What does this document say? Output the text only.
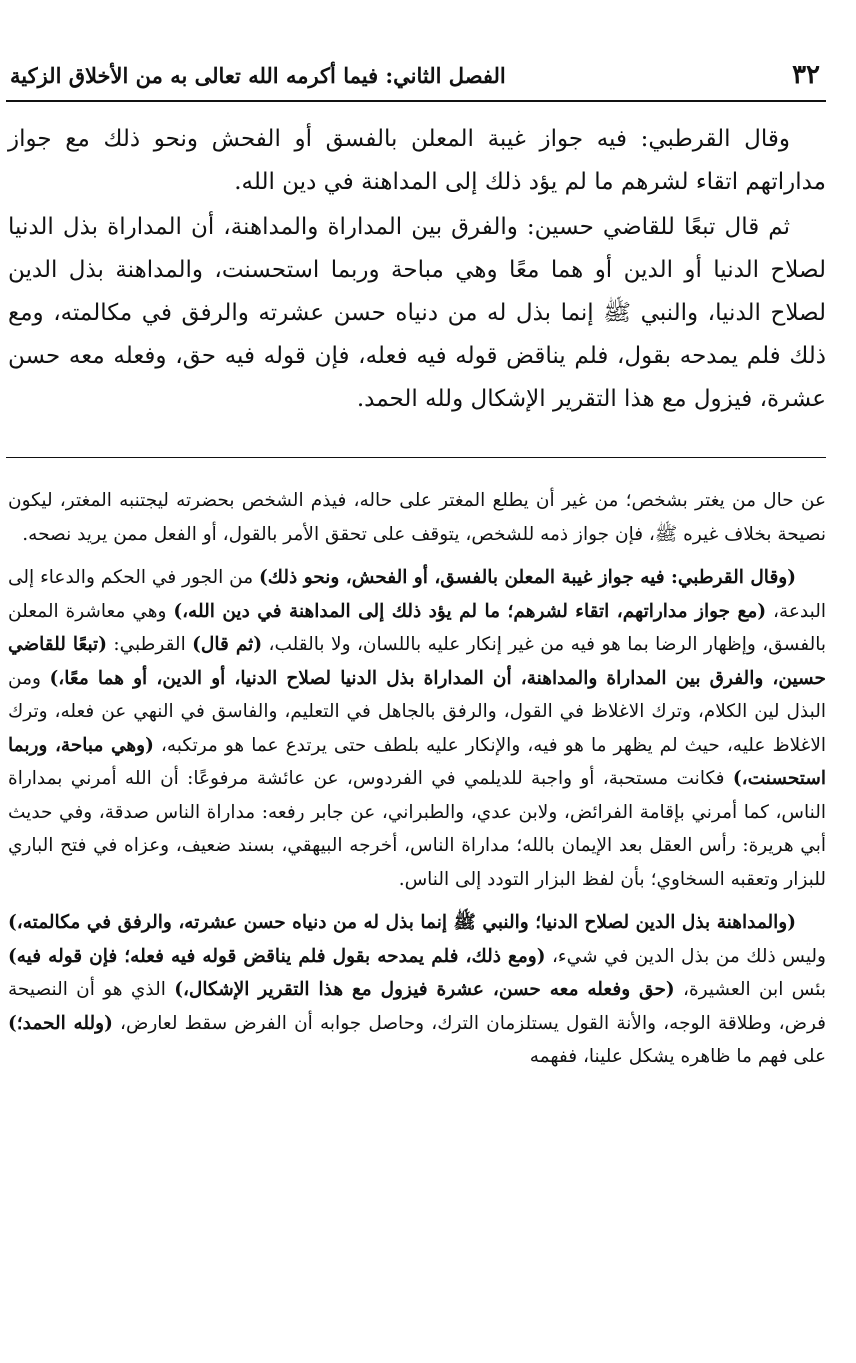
٣٢
الفصل الثاني: فيما أكرمه الله تعالى به من الأخلاق الزكية

وقال القرطبي: فيه جواز غيبة المعلن بالفسق أو الفحش ونحو ذلك مع جواز مداراتهم اتقاء لشرهم ما لم يؤد ذلك إلى المداهنة في دين الله.

ثم قال تبعًا للقاضي حسين: والفرق بين المداراة والمداهنة، أن المداراة بذل الدنيا لصلاح الدنيا أو الدين أو هما معًا وهي مباحة وربما استحسنت، والمداهنة بذل الدين لصلاح الدنيا، والنبي ﷺ إنما بذل له من دنياه حسن عشرته والرفق في مكالمته، ومع ذلك فلم يمدحه بقول، فلم يناقض قوله فيه فعله، فإن قوله فيه حق، وفعله معه حسن عشرة، فيزول مع هذا التقرير الإشكال ولله الحمد.

عن حال من يغتر بشخص؛ من غير أن يطلع المغتر على حاله، فيذم الشخص بحضرته ليجتنبه المغتر، ليكون نصيحة بخلاف غيره ﷺ، فإن جواز ذمه للشخص، يتوقف على تحقق الأمر بالقول، أو الفعل ممن يريد نصحه.

(وقال القرطبي: فيه جواز غيبة المعلن بالفسق، أو الفحش، ونحو ذلك) من الجور في الحكم والدعاء إلى البدعة، (مع جواز مداراتهم، اتقاء لشرهم؛ ما لم يؤد ذلك إلى المداهنة في دين الله،) وهي معاشرة المعلن بالفسق، وإظهار الرضا بما هو فيه من غير إنكار عليه باللسان، ولا بالقلب، (ثم قال) القرطبي: (تبعًا للقاضي حسين، والفرق بين المداراة والمداهنة، أن المداراة بذل الدنيا لصلاح الدنيا، أو الدين، أو هما معًا،) ومن البذل لين الكلام، وترك الاغلاظ في القول، والرفق بالجاهل في التعليم، والفاسق في النهي عن فعله، وترك الاغلاظ عليه، حيث لم يظهر ما هو فيه، والإنكار عليه بلطف حتى يرتدع عما هو مرتكبه، (وهي مباحة، وربما استحسنت،) فكانت مستحبة، أو واجبة للديلمي في الفردوس، عن عائشة مرفوعًا: أن الله أمرني بمداراة الناس، كما أمرني بإقامة الفرائض، ولابن عدي، والطبراني، عن جابر رفعه: مداراة الناس صدقة، وفي حديث أبي هريرة: رأس العقل بعد الإيمان بالله؛ مداراة الناس، أخرجه البيهقي، بسند ضعيف، وعزاه في فتح الباري للبزار وتعقبه السخاوي؛ بأن لفظ البزار التودد إلى الناس.

(والمداهنة بذل الدين لصلاح الدنيا؛ والنبي ﷺ إنما بذل له من دنياه حسن عشرته، والرفق في مكالمته،) وليس ذلك من بذل الدين في شيء، (ومع ذلك، فلم يمدحه بقول فلم يناقض قوله فيه فعله؛ فإن قوله فيه) بئس ابن العشيرة، (حق وفعله معه حسن، عشرة فيزول مع هذا التقرير الإشكال،) الذي هو أن النصيحة فرض، وطلاقة الوجه، والأنة القول يستلزمان الترك، وحاصل جوابه أن الفرض سقط لعارض، (ولله الحمد؛) على فهم ما ظاهره يشكل علينا، ففهمه
